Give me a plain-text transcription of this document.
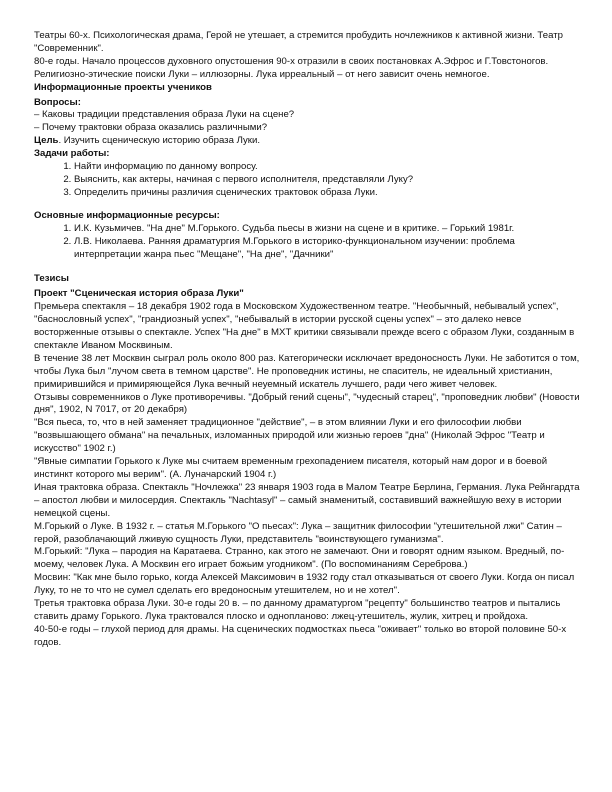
Театры 60-х. Психологическая драма, Герой не утешает, а стремится пробудить ночлежников к активной жизни. Театр "Современник".

80-е годы. Начало процессов духовного опустошения 90-х отразили в своих постановках А.Эфрос и Г.Товстоногов. Религиозно-этические поиски Луки – иллюзорны. Лука ирреальный – от него зависит очень немногое.

Информационные проекты учеников

Вопросы:

– Каковы традиции представления образа Луки на сцене?

– Почему трактовки образа оказались различными?

Цель. Изучить сценическую историю образа Луки.

Задачи работы:

1. Найти информацию по данному вопросу.
2. Выяснить, как актеры, начиная с первого исполнителя, представляли Луку?
3. Определить причины различия сценических трактовок образа Луки.

Основные информационные ресурсы:

1. И.К. Кузьмичев. "На дне" М.Горького. Судьба пьесы в жизни на сцене и в критике. – Горький 1981г.
2. Л.В. Николаева. Ранняя драматургия М.Горького в историко-функциональном изучении: проблема интерпретации жанра пьес "Мещане", "На дне", "Дачники"

Тезисы

Проект "Сценическая история образа Луки"

Премьера спектакля – 18 декабря 1902 года в Московском Художественном театре. "Необычный, небывалый успех", "баснословный успех", "грандиозный успех", "небывалый в истории русской сцены успех" – это далеко невсе восторженные отзывы о спектакле. Успех "На дне" в МХТ критики связывали прежде всего с образом Луки, созданным в спектакле Иваном Москвиным.

В течение 38 лет Москвин сыграл роль около 800 раз. Категорически исключает вредоносность Луки. Не заботится о том, чтобы Лука был "лучом света в темном царстве". Не проповедник истины, не спаситель, не идеальный христианин, примирившийся и примиряющейся Лука вечный неуемный искатель лучшего, ради чего живет человек.

Отзывы современников о Луке противоречивы. "Добрый гений сцены", "чудесный старец", "проповедник любви" (Новости дня", 1902, N 7017, от 20 декабря)

"Вся пьеса, то, что в ней заменяет традиционное "действие", – в этом влиянии Луки и его философии любви "возвышающего обмана" на печальных, изломанных природой или жизнью героев "дна" (Николай Эфрос "Театр и искусство" 1902 г.)

"Явные симпатии Горького к Луке мы считаем временным грехопадением писателя, который нам дорог и в боевой инстинкт которого мы верим". (А. Луначарский 1904 г.)

Иная трактовка образа. Спектакль "Ночлежка" 23 января 1903 года в Малом Театре Берлина, Германия. Лука Рейнгардта – апостол любви и милосердия. Спектакль "Nachtasyl" – самый знаменитый, составивший важнейшую веху в истории немецкой сцены.

М.Горький о Луке. В 1932 г. – статья М.Горького "О пьесах": Лука – защитник философии "утешительной лжи" Сатин – герой, разоблачающий лживую сущность Луки, представитель "воинствующего гуманизма".

М.Горький: "Лука – пародия на Каратаева. Странно, как этого не замечают. Они и говорят одним языком. Вредный, по-моему, человек Лука. А Москвин его играет божьим угодником". (По воспоминаниям Сереброва.)

Мосвин: "Как мне было горько, когда Алексей Максимович в 1932 году стал отказываться от своего Луки. Когда он писал Луку, то не то что не сумел сделать его вредоносным утешителем, но и не хотел".

Третья трактовка образа Луки. 30-е годы 20 в. – по данному драматургом "рецепту" большинство театров и пытались ставить драму Горького. Лука трактовался плоско и однопланово: лжец-утешитель, жулик, хитрец и пройдоха.

40-50-е годы – глухой период для драмы. На сценических подмостках пьеса "оживает" только во второй половине 50-х годов.
